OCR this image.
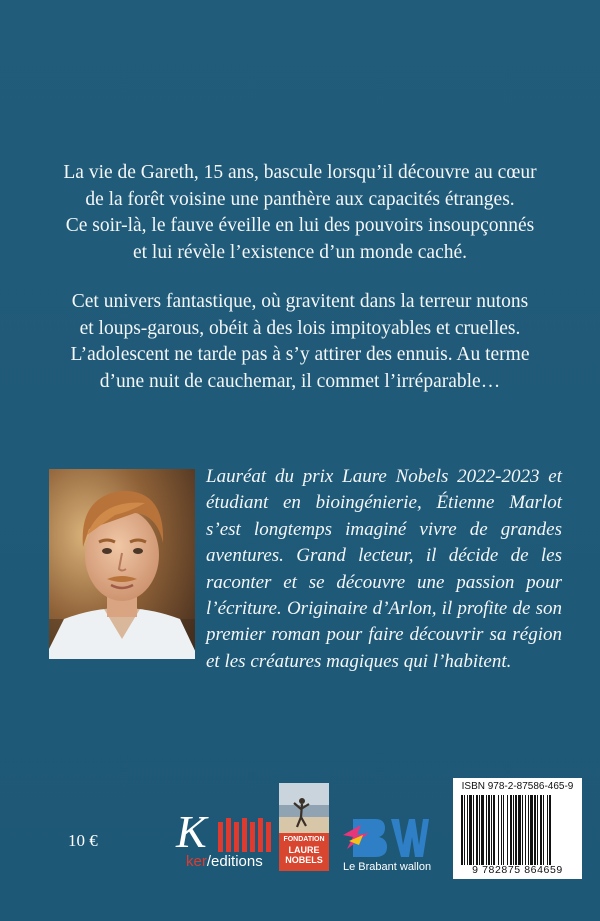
La vie de Gareth, 15 ans, bascule lorsqu’il découvre au cœur
de la forêt voisine une panthère aux capacités étranges.
Ce soir-là, le fauve éveille en lui des pouvoirs insoupçonnés
et lui révèle l’existence d’un monde caché.
Cet univers fantastique, où gravitent dans la terreur nutons
et loups-garous, obéit à des lois impitoyables et cruelles.
L’adolescent ne tarde pas à s’y attirer des ennuis. Au terme
d’une nuit de cauchemar, il commet l’irréparable…
Lauréat du prix Laure Nobels 2022-2023 et
étudiant en bioingénierie, Étienne Marlot
s’est longtemps imaginé vivre de grandes
aventures. Grand lecteur, il décide de les
raconter et se découvre une passion pour
l’écriture. Originaire d’Arlon, il profite de son
premier roman pour faire découvrir sa région
et les créatures magiques qui l’habitent.
10 € K
ker/editions
FONDATION
LAURE
NOBELS
Le Brabant wallon
ISBN 978-2-87586-465-9
9 782875 864659
